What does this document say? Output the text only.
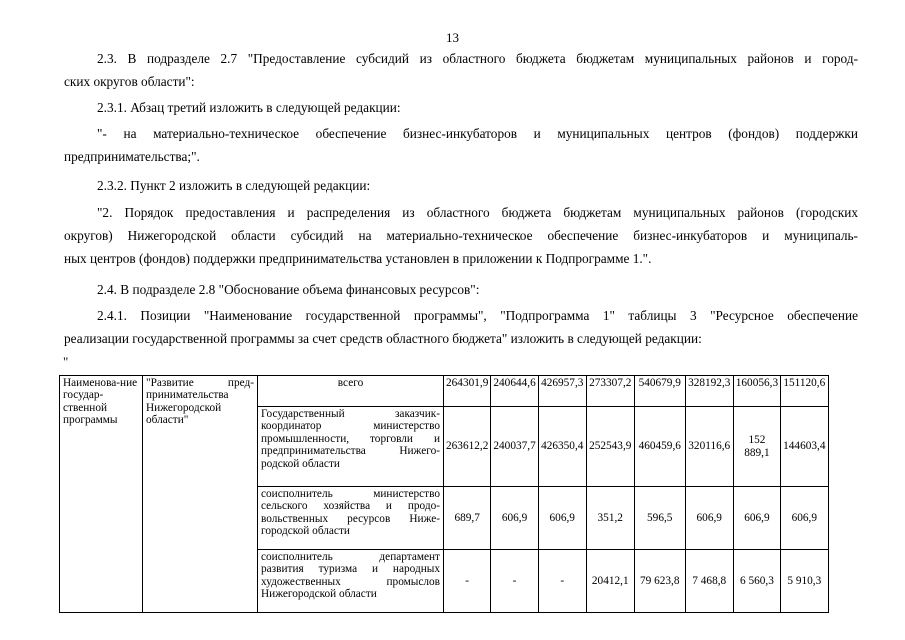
13
2.3. В подразделе 2.7 "Предоставление субсидий из областного бюджета бюджетам муниципальных районов и город-
ских округов области":
2.3.1. Абзац третий изложить в следующей редакции:
"- на материально-техническое обеспечение бизнес-инкубаторов и муниципальных центров (фондов) поддержки
предпринимательства;".
2.3.2. Пункт 2 изложить в следующей редакции:
"2. Порядок предоставления и распределения из областного бюджета бюджетам муниципальных районов (городских
округов) Нижегородской области субсидий на материально-техническое обеспечение бизнес-инкубаторов и муниципаль-
ных центров (фондов) поддержки предпринимательства установлен в приложении к Подпрограмме 1.".
2.4. В подразделе 2.8 "Обоснование объема финансовых ресурсов":
2.4.1. Позиции "Наименование государственной программы", "Подпрограмма 1" таблицы 3 "Ресурсное обеспечение
реализации государственной программы за счет средств областного бюджета" изложить в следующей редакции:
"
Наименова-ние государ-ственной программы	"Развитие пред-принимательства Нижегородской области"	всего	264301,9	240644,6	426957,3	273307,2	540679,9	328192,3	160056,3	151120,6
		Государственный заказчик-координатор министерство промышленности, торговли и предпринимательства Нижего-родской области	263612,2	240037,7	426350,4	252543,9	460459,6	320116,6	152 889,1	144603,4
		соисполнитель министерство сельского хозяйства и продо-вольственных ресурсов Ниже-городской области	689,7	606,9	606,9	351,2	596,5	606,9	606,9	606,9
		соисполнитель департамент развития туризма и народных художественных промыслов Нижегородской области	-	-	-	20412,1	79 623,8	7 468,8	6 560,3	5 910,3
